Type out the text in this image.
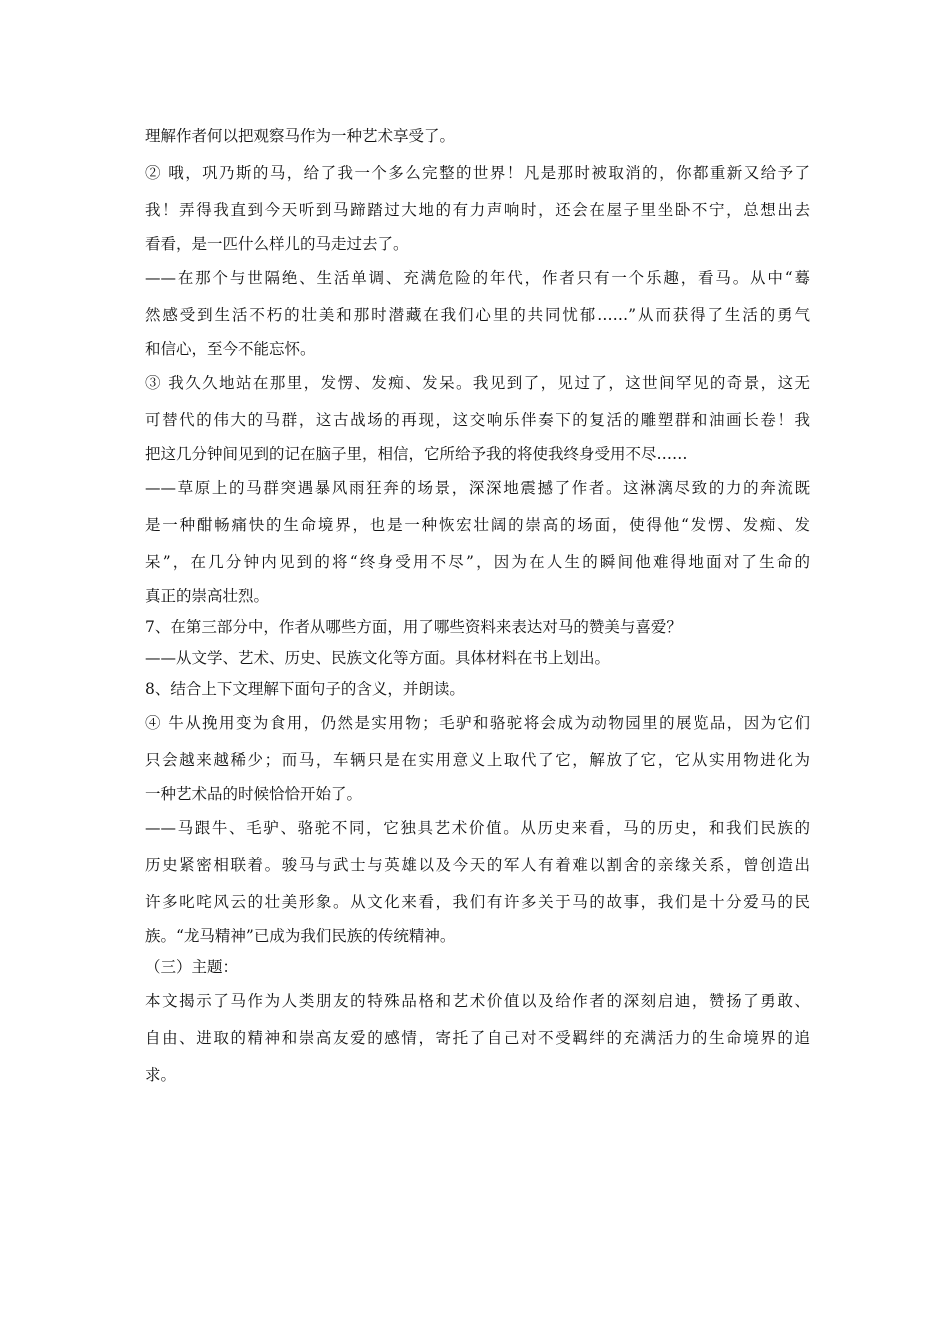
理解作者何以把观察马作为一种艺术享受了。
② 哦，巩乃斯的马，给了我一个多么完整的世界！凡是那时被取消的，你都重新又给予了
我！弄得我直到今天听到马蹄踏过大地的有力声响时，还会在屋子里坐卧不宁，总想出去
看看，是一匹什么样儿的马走过去了。
——在那个与世隔绝、生活单调、充满危险的年代，作者只有一个乐趣，看马。从中“蓦
然感受到生活不朽的壮美和那时潜藏在我们心里的共同忧郁……”从而获得了生活的勇气
和信心，至今不能忘怀。
③ 我久久地站在那里，发愣、发痴、发呆。我见到了，见过了，这世间罕见的奇景，这无
可替代的伟大的马群，这古战场的再现，这交响乐伴奏下的复活的雕塑群和油画长卷！我
把这几分钟间见到的记在脑子里，相信，它所给予我的将使我终身受用不尽……
——草原上的马群突遇暴风雨狂奔的场景，深深地震撼了作者。这淋漓尽致的力的奔流既
是一种酣畅痛快的生命境界，也是一种恢宏壮阔的崇高的场面，使得他“发愣、发痴、发
呆”，在几分钟内见到的将“终身受用不尽”，因为在人生的瞬间他难得地面对了生命的
真正的崇高壮烈。
7、在第三部分中，作者从哪些方面，用了哪些资料来表达对马的赞美与喜爱？
——从文学、艺术、历史、民族文化等方面。具体材料在书上划出。
8、结合上下文理解下面句子的含义，并朗读。
④ 牛从挽用变为食用，仍然是实用物；毛驴和骆驼将会成为动物园里的展览品，因为它们
只会越来越稀少；而马，车辆只是在实用意义上取代了它，解放了它，它从实用物进化为
一种艺术品的时候恰恰开始了。
——马跟牛、毛驴、骆驼不同，它独具艺术价值。从历史来看，马的历史，和我们民族的
历史紧密相联着。骏马与武士与英雄以及今天的军人有着难以割舍的亲缘关系，曾创造出
许多叱咤风云的壮美形象。从文化来看，我们有许多关于马的故事，我们是十分爱马的民
族。“龙马精神”已成为我们民族的传统精神。
（三）主题：
本文揭示了马作为人类朋友的特殊品格和艺术价值以及给作者的深刻启迪，赞扬了勇敢、
自由、进取的精神和崇高友爱的感情，寄托了自己对不受羁绊的充满活力的生命境界的追
求。
